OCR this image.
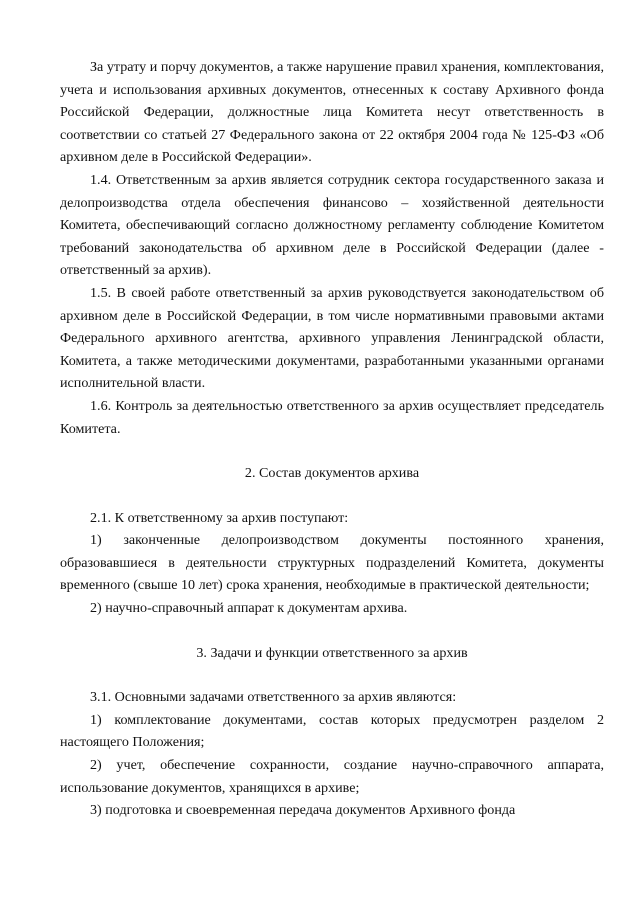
За утрату и порчу документов, а также нарушение правил хранения, комплектования, учета и использования архивных документов, отнесенных к составу Архивного фонда Российской Федерации, должностные лица Комитета несут ответственность в соответствии со статьей 27 Федерального закона от 22 октября 2004 года № 125-ФЗ «Об архивном деле в Российской Федерации».

1.4. Ответственным за архив является сотрудник сектора государственного заказа и делопроизводства отдела обеспечения финансово – хозяйственной деятельности Комитета, обеспечивающий согласно должностному регламенту соблюдение Комитетом требований законодательства об архивном деле в Российской Федерации (далее - ответственный за архив).

1.5. В своей работе ответственный за архив руководствуется законодательством об архивном деле в Российской Федерации, в том числе нормативными правовыми актами Федерального архивного агентства, архивного управления Ленинградской области, Комитета, а также методическими документами, разработанными указанными органами исполнительной власти.

1.6. Контроль за деятельностью ответственного за архив осуществляет председатель Комитета.

2. Состав документов архива

2.1. К ответственному за архив поступают:

1) законченные делопроизводством документы постоянного хранения, образовавшиеся в деятельности структурных подразделений Комитета, документы временного (свыше 10 лет) срока хранения, необходимые в практической деятельности;

2) научно-справочный аппарат к документам архива.

3. Задачи и функции ответственного за архив

3.1. Основными задачами ответственного за архив являются:

1) комплектование документами, состав которых предусмотрен разделом 2 настоящего Положения;

2) учет, обеспечение сохранности, создание научно-справочного аппарата, использование документов, хранящихся в архиве;

3) подготовка и своевременная передача документов Архивного фонда
